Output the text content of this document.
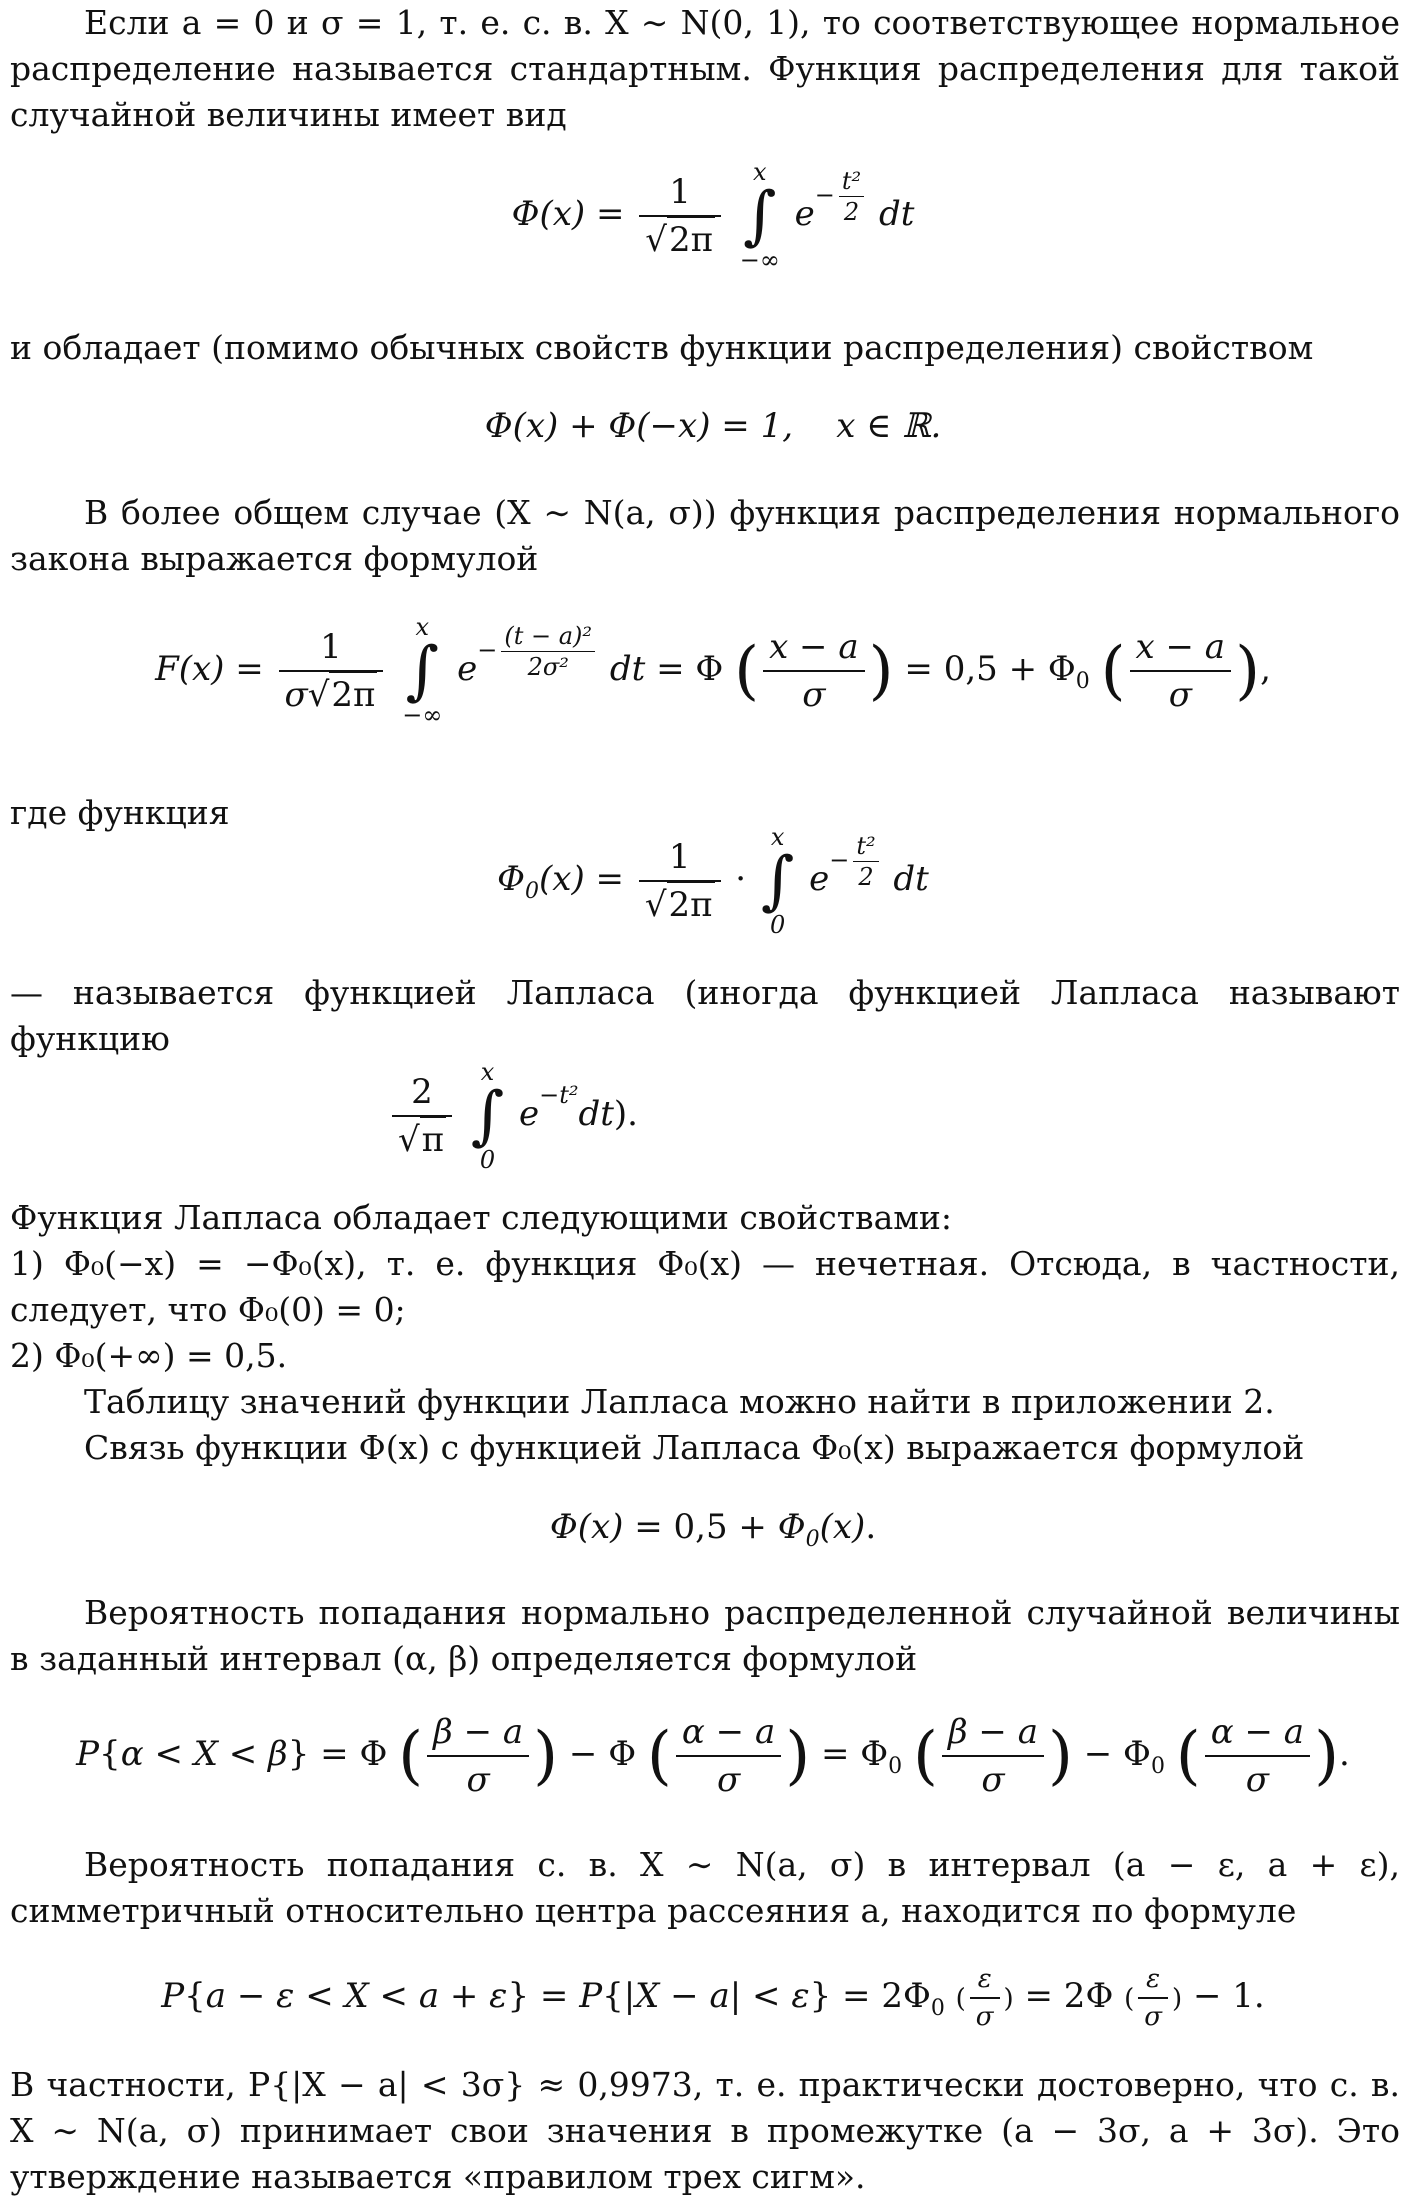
Если a = 0 и σ = 1, т. е. с. в. X ∼ N(0, 1), то соответствующее нормальное распределение называется стандартным. Функция распределения для такой случайной величины имеет вид
$\Phi(x) = \frac{1}{√2\pi}$
	x
∫
−∞
$e- \frac{\text{t²}}{2}$ dt
и обладает (помимо обычных свойств функции распределения) свойством
Φ(x) + Φ(−x) = 1,    x ∈ ℝ.
В более общем случае (X ∼ N(a, σ)) функция распределения нормального закона выражается формулой
$F(x) = \frac{1}{\sigma√2\pi}$
	x
∫
−∞
$e- \frac{\text{(t − a)²}}{\text{2σ²}}$ dt = Φ ( $\frac{x - a}{\sigma}$ ) = $0,5 + \Phi_0$ ( $\frac{x - a}{\sigma}$ ),
где функция
$\Phi_0(x) = \frac{1}{√2\pi}$ ·
x
∫
0
$e- \frac{\text{t²}}{2}$ dt
— называется функцией Лапласа (иногда функцией Лапласа называют функцию
$\frac{2}{√\pi}$
	x
∫
0
e−t²dt).
Функция Лапласа обладает следующими свойствами:
1) Φ₀(−x) = −Φ₀(x), т. е. функция Φ₀(x) — нечетная. Отсюда, в частности, следует, что Φ₀(0) = 0;
2) Φ₀(+∞) = 0,5.
Таблицу значений функции Лапласа можно найти в приложении 2.
Связь функции Φ(x) с функцией Лапласа Φ₀(x) выражается формулой
$\Phi(x) = 0,5 + \Phi_0(x)$.
Вероятность попадания нормально распределенной случайной величины в заданный интервал (α, β) определяется формулой
P{α < X < β} = Φ ( $\frac{\beta - a}{\sigma}$ ) − Φ ( $\frac{\alpha - a}{\sigma}$ ) = $\Phi_0$ ( $\frac{\beta - a}{\sigma}$ ) − $\Phi_0$ ( $\frac{\alpha - a}{\sigma}$ ).
Вероятность попадания с. в. X ∼ N(a, σ) в интервал (a − ε, a + ε), симметричный относительно центра рассеяния a, находится по формуле
$P\{a - \varepsilon < X < a + \varepsilon\} = P\{|X - a| < \varepsilon\} = 2\Phi_0$ ( $\frac{\varepsilon}{\sigma}$ ) = 2Φ ( $\frac{\varepsilon}{\sigma}$ ) − 1.
В частности, P{|X − a| < 3σ} ≈ 0,9973, т. е. практически достоверно, что с. в. X ∼ N(a, σ) принимает свои значения в промежутке (a − 3σ, a + 3σ). Это утверждение называется «правилом трех сигм».
